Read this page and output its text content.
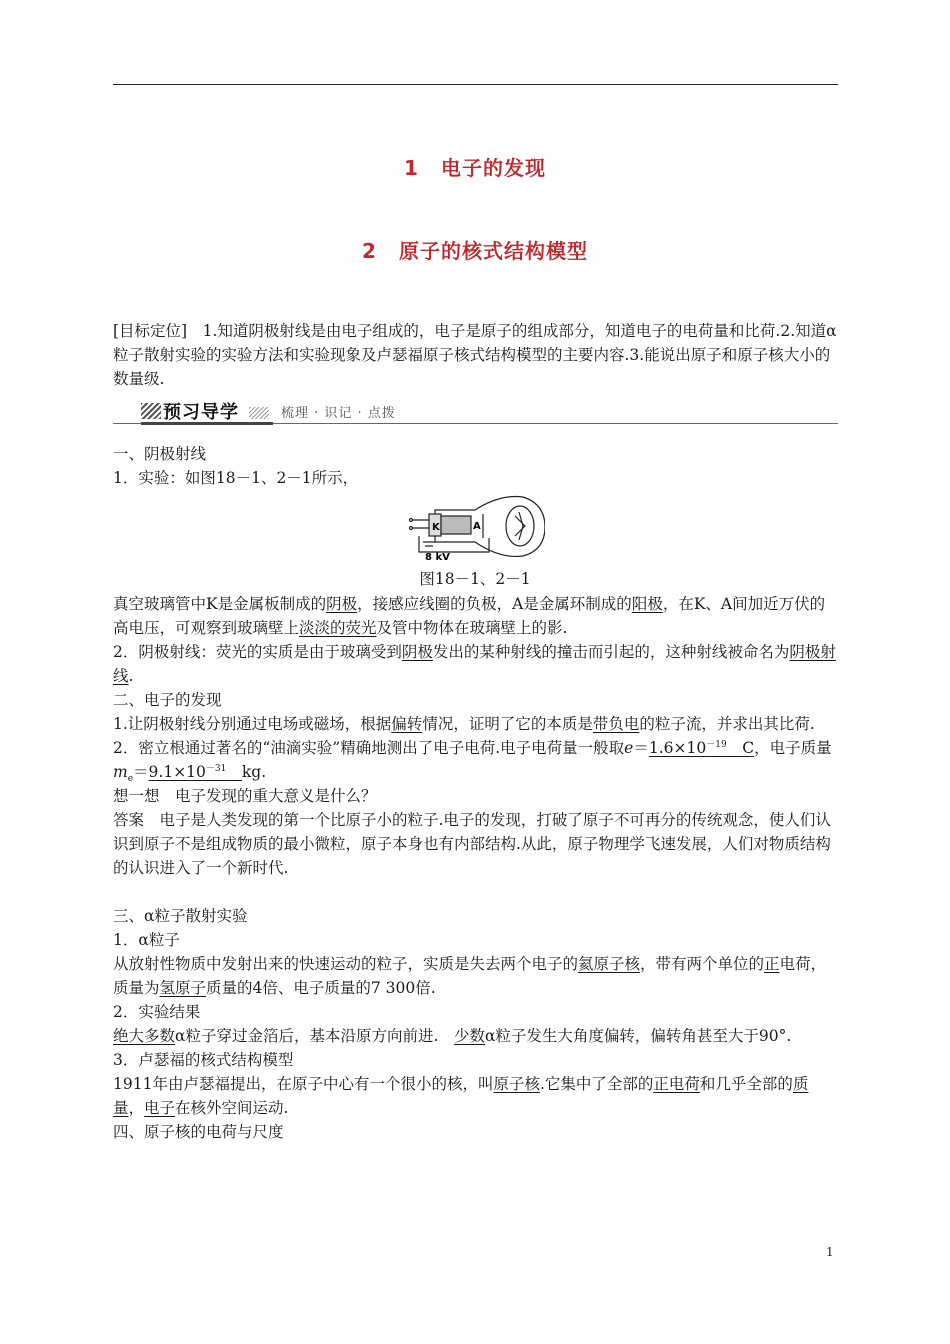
1 电子的发现
2 原子的核式结构模型

[目标定位]　 1.知道阴极射线是由电子组成的，电子是原子的组成部分，知道电子的电荷量和比荷.2.知道α粒子散射实验的实验方法和实验现象及卢瑟福原子核式结构模型的主要内容.3.能说出原子和原子核大小的数量级.

预习导学	梳理 · 识记 · 点拨

一、阴极射线

1．实验：如图18－1、2－1所示，

K	A
8 kV
图18－1、2－1

真空玻璃管中K是金属板制成的阴极，接感应线圈的负极，A是金属环制成的阳极，在K、A间加近万伏的高电压，可观察到玻璃壁上淡淡的荧光及管中物体在玻璃壁上的影.

2．阴极射线：荧光的实质是由于玻璃受到阴极发出的某种射线的撞击而引起的，这种射线被命名为阴极射线.

二、电子的发现

1.让阴极射线分别通过电场或磁场，根据偏转情况，证明了它的本质是带负电的粒子流，并求出其比荷.

2．密立根通过著名的“油滴实验”精确地测出了电子电荷.电子电荷量一般取$e=1.6\times 10^{-19}$　 C，电子质量$m_e=9.1\times 10^{-31}$　 kg.

想一想　电子发现的重大意义是什么？

答案　电子是人类发现的第一个比原子小的粒子.电子的发现，打破了原子不可再分的传统观念，使人们认识到原子不是组成物质的最小微粒，原子本身也有内部结构.从此，原子物理学飞速发展，人们对物质结构的认识进入了一个新时代.

三、α粒子散射实验

1．α粒子

从放射性物质中发射出来的快速运动的粒子，实质是失去两个电子的氦原子核，带有两个单位的正电荷，质量为氢原子质量的4倍、电子质量的7 300倍.

2．实验结果

绝大多数α粒子穿过金箔后，基本沿原方向前进.　 少数α粒子发生大角度偏转，偏转角甚至大于90°.

3．卢瑟福的核式结构模型

1911年由卢瑟福提出，在原子中心有一个很小的核，叫原子核.它集中了全部的正电荷和几乎全部的质量，电子在核外空间运动.

四、原子核的电荷与尺度

1
